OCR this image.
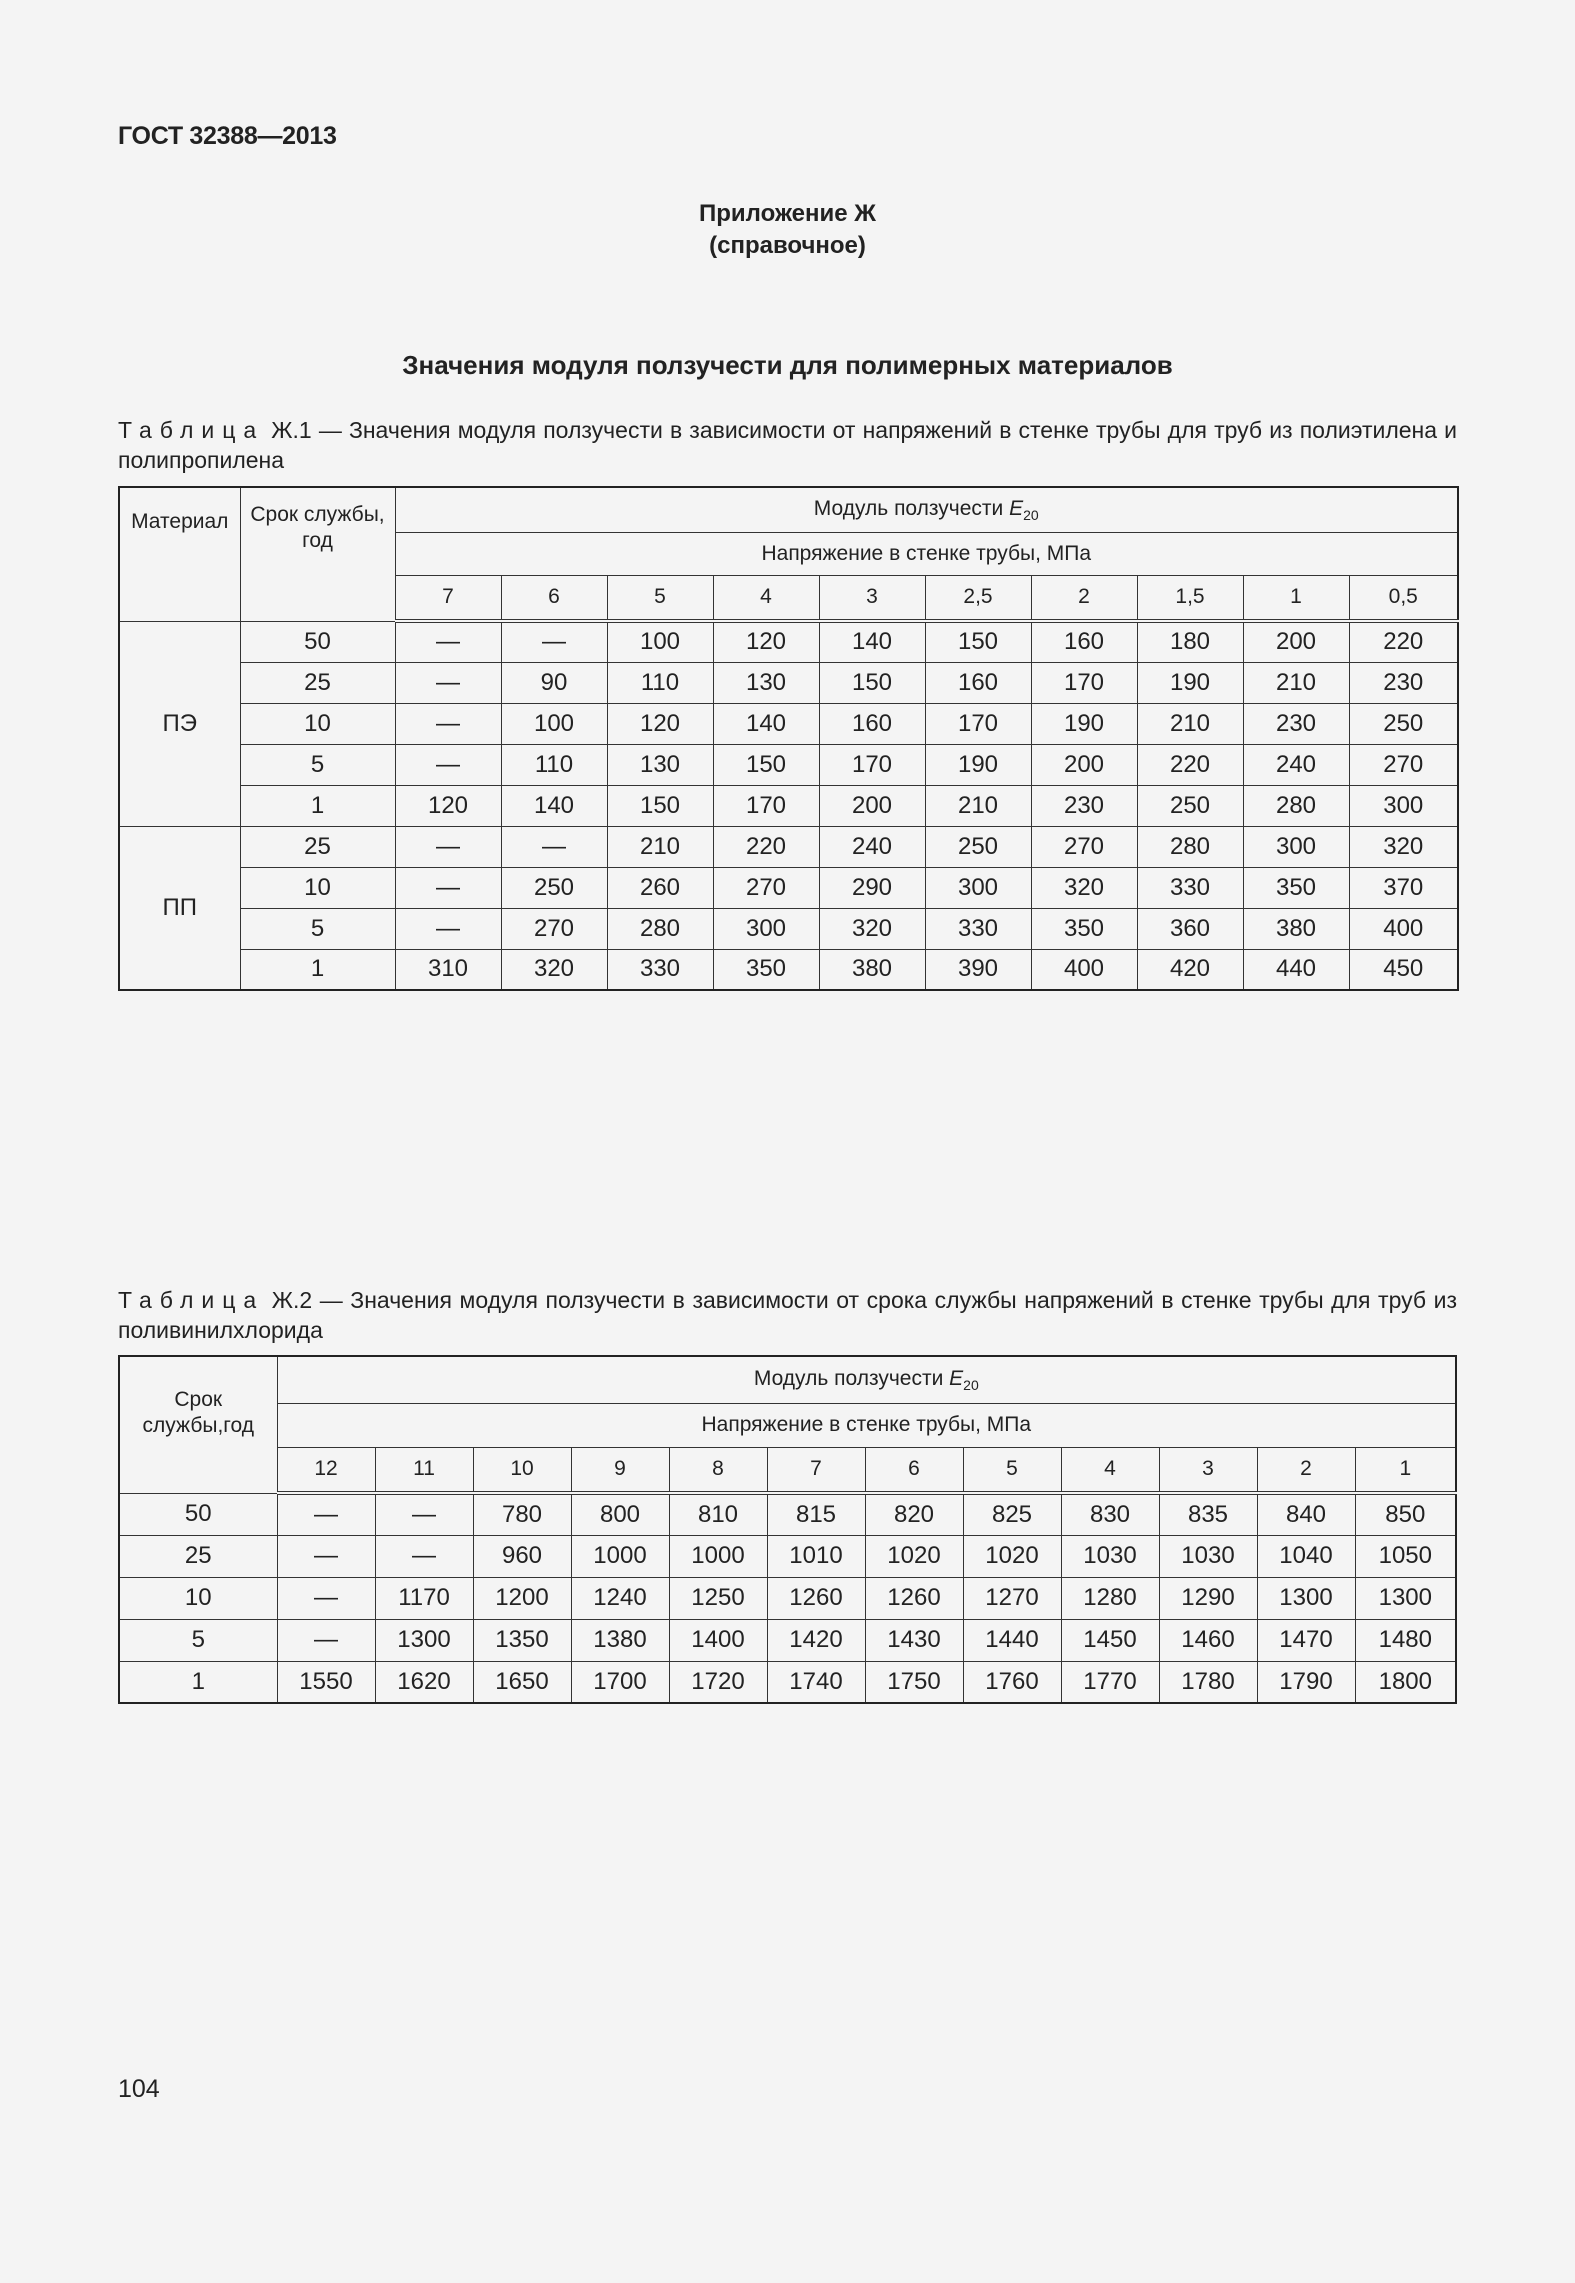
ГОСТ 32388—2013
Приложение Ж
(справочное)
Значения модуля ползучести для полимерных материалов
Таблица Ж.1 — Значения модуля ползучести в зависимости от напряжений в стенке трубы для труб из полиэтилена и полипропилена
Материал	Срок службы, год	Модуль ползучести $E_{20}$
		Напряжение в стенке трубы, МПа									
		7	6	5	4	3	2,5	2	1,5	1	0,5
ПЭ	50	—	—	100	120	140	150	160	180	200	220
	25	—	90	110	130	150	160	170	190	210	230
	10	—	100	120	140	160	170	190	210	230	250
	5	—	110	130	150	170	190	200	220	240	270
	1	120	140	150	170	200	210	230	250	280	300
ПП	25	—	—	210	220	240	250	270	280	300	320
	10	—	250	260	270	290	300	320	330	350	370
	5	—	270	280	300	320	330	350	360	380	400
	1	310	320	330	350	380	390	400	420	440	450
Таблица Ж.2 — Значения модуля ползучести в зависимости от срока службы напряжений в стенке трубы для труб из поливинилхлорида
Срок службы,год	Модуль ползучести $E_{20}$
	Напряжение в стенке трубы, МПа											
	12	11	10	9	8	7	6	5	4	3	2	1
50	—	—	780	800	810	815	820	825	830	835	840	850
25	—	—	960	1000	1000	1010	1020	1020	1030	1030	1040	1050
10	—	1170	1200	1240	1250	1260	1260	1270	1280	1290	1300	1300
5	—	1300	1350	1380	1400	1420	1430	1440	1450	1460	1470	1480
1	1550	1620	1650	1700	1720	1740	1750	1760	1770	1780	1790	1800
104
